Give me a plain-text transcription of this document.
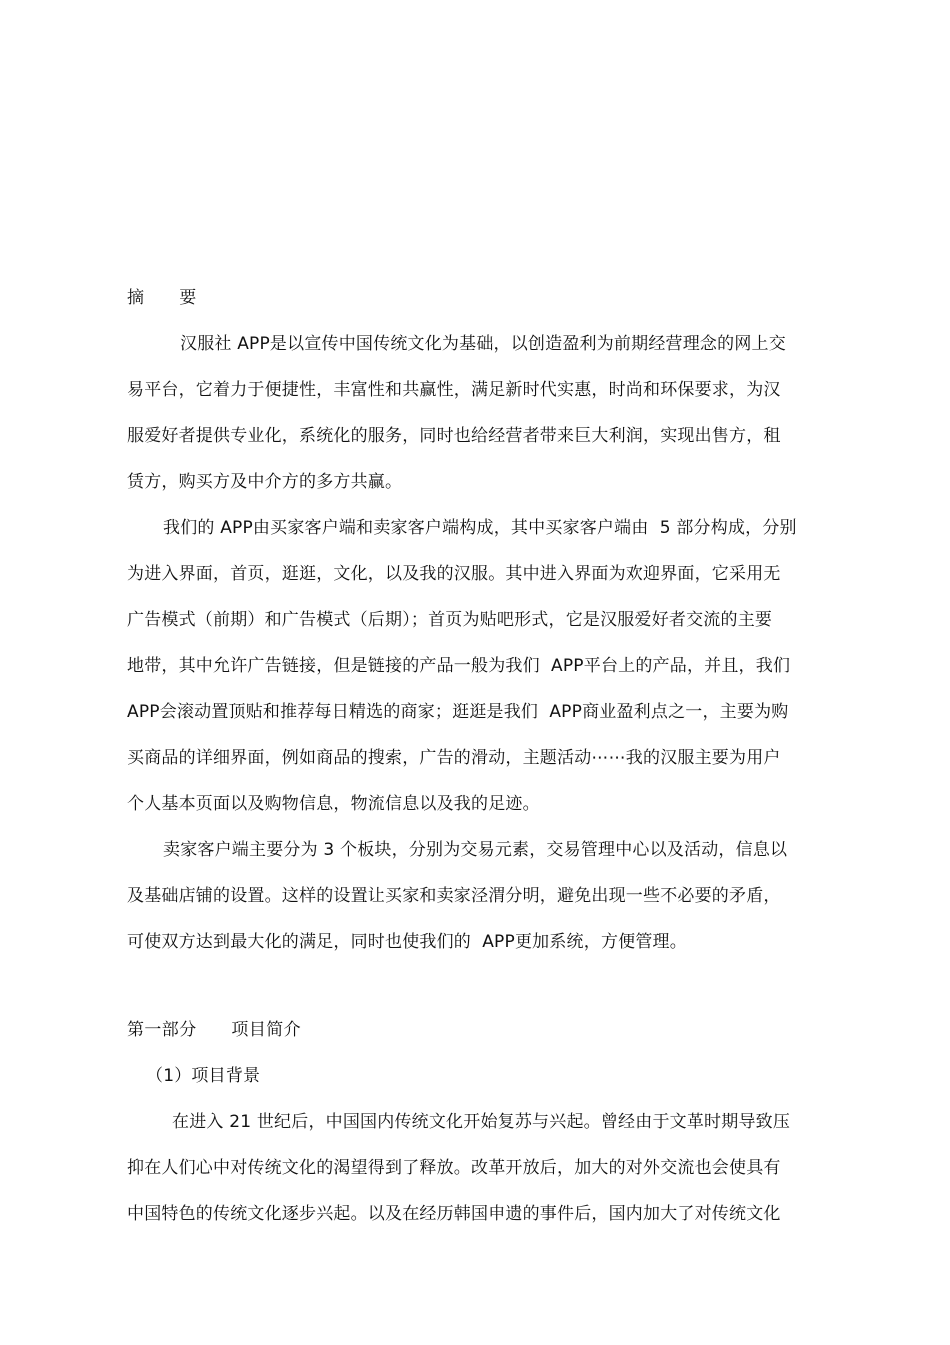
摘      要
汉服社 APP是以宣传中国传统文化为基础，以创造盈利为前期经营理念的网上交
易平台，它着力于便捷性，丰富性和共赢性，满足新时代实惠，时尚和环保要求，为汉
服爱好者提供专业化，系统化的服务，同时也给经营者带来巨大利润，实现出售方，租
赁方，购买方及中介方的多方共赢。
我们的 APP由买家客户端和卖家客户端构成，其中买家客户端由  5 部分构成，分别
为进入界面，首页，逛逛，文化，以及我的汉服。其中进入界面为欢迎界面，它采用无
广告模式（前期）和广告模式（后期）；首页为贴吧形式，它是汉服爱好者交流的主要
地带，其中允许广告链接，但是链接的产品一般为我们  APP平台上的产品，并且，我们
APP会滚动置顶贴和推荐每日精选的商家；逛逛是我们  APP商业盈利点之一，主要为购
买商品的详细界面，例如商品的搜索，广告的滑动，主题活动⋯⋯我的汉服主要为用户
个人基本页面以及购物信息，物流信息以及我的足迹。
卖家客户端主要分为 3 个板块，分别为交易元素，交易管理中心以及活动，信息以
及基础店铺的设置。这样的设置让买家和卖家泾渭分明，避免出现一些不必要的矛盾，
可使双方达到最大化的满足，同时也使我们的  APP更加系统，方便管理。
第一部分      项目简介
（1）项目背景
在进入 21 世纪后，中国国内传统文化开始复苏与兴起。曾经由于文革时期导致压
抑在人们心中对传统文化的渴望得到了释放。改革开放后，加大的对外交流也会使具有
中国特色的传统文化逐步兴起。以及在经历韩国申遗的事件后，国内加大了对传统文化
